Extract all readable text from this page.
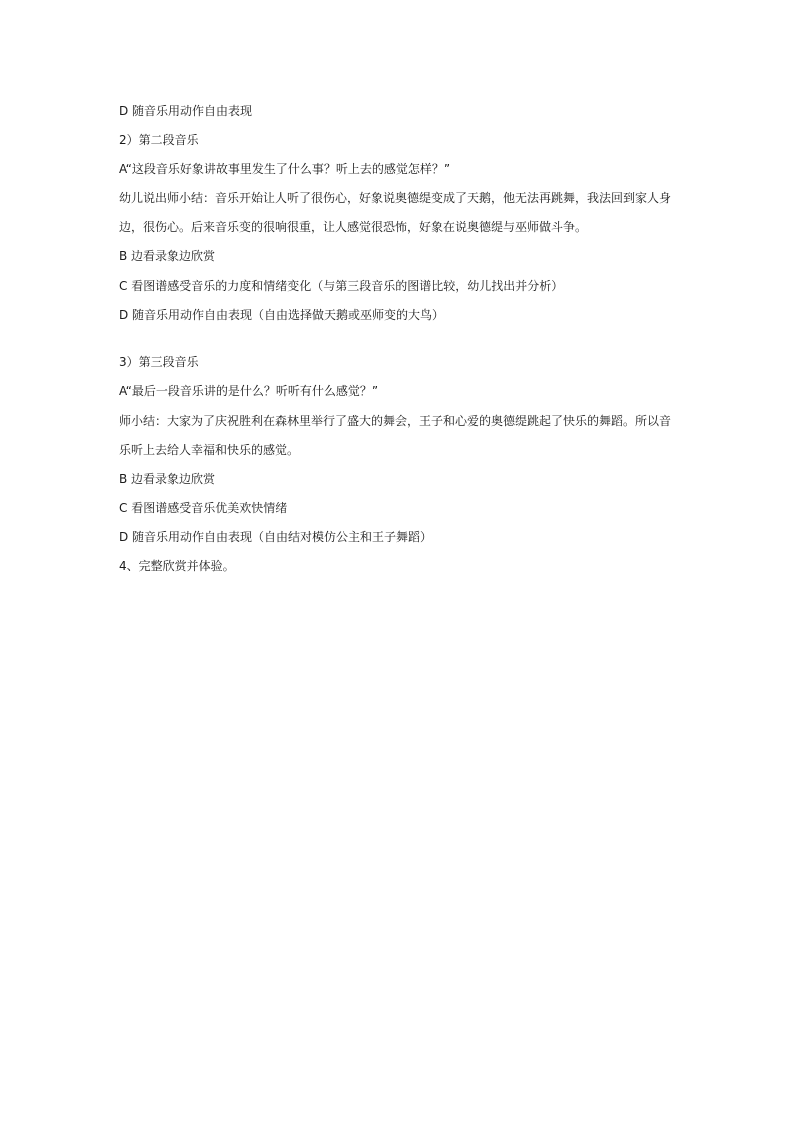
D 随音乐用动作自由表现
2）第二段音乐
A“这段音乐好象讲故事里发生了什么事？听上去的感觉怎样？”
幼儿说出师小结：音乐开始让人听了很伤心，好象说奥德缇变成了天鹅，他无法再跳舞，我法回到家人身
边，很伤心。后来音乐变的很响很重，让人感觉很恐怖，好象在说奥德缇与巫师做斗争。
B 边看录象边欣赏
C 看图谱感受音乐的力度和情绪变化（与第三段音乐的图谱比较，幼儿找出并分析）
D 随音乐用动作自由表现（自由选择做天鹅或巫师变的大鸟）
3）第三段音乐
A“最后一段音乐讲的是什么？听听有什么感觉？”
师小结：大家为了庆祝胜利在森林里举行了盛大的舞会，王子和心爱的奥德缇跳起了快乐的舞蹈。所以音
乐听上去给人幸福和快乐的感觉。
B 边看录象边欣赏
C 看图谱感受音乐优美欢快情绪
D 随音乐用动作自由表现（自由结对模仿公主和王子舞蹈）
4、完整欣赏并体验。
